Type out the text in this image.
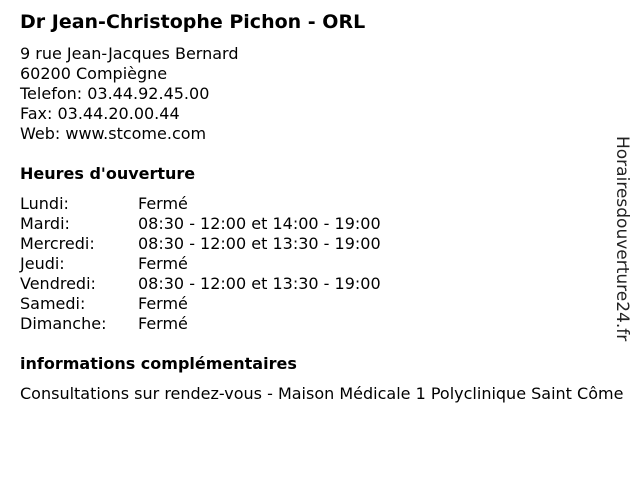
Dr Jean-Christophe Pichon - ORL
9 rue Jean-Jacques Bernard
60200 Compiègne
Telefon: 03.44.92.45.00
Fax: 03.44.20.00.44
Web: www.stcome.com
Heures d'ouverture
Lundi:	Fermé
Mardi:	08:30 - 12:00 et 14:00 - 19:00
Mercredi:	08:30 - 12:00 et 13:30 - 19:00
Jeudi:	Fermé
Vendredi:	08:30 - 12:00 et 13:30 - 19:00
Samedi:	Fermé
Dimanche:	Fermé
informations complémentaires
Consultations sur rendez-vous - Maison Médicale 1 Polyclinique Saint Côme
Horairesdouverture24.fr
